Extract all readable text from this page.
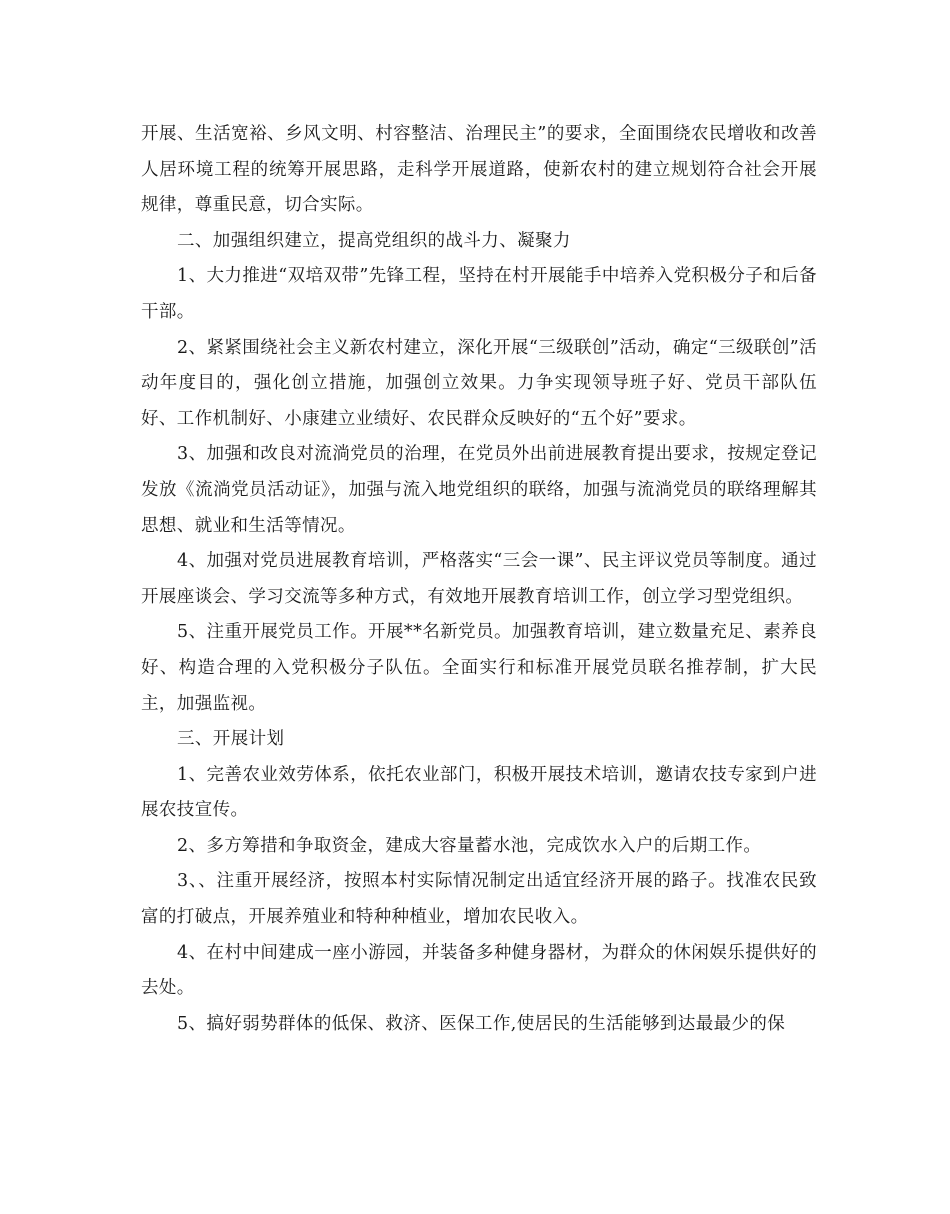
开展、生活宽裕、乡风文明、村容整洁、治理民主”的要求，全面围绕农民增收和改善人居环境工程的统筹开展思路，走科学开展道路，使新农村的建立规划符合社会开展规律，尊重民意，切合实际。

二、加强组织建立，提高党组织的战斗力、凝聚力

1、大力推进“双培双带”先锋工程，坚持在村开展能手中培养入党积极分子和后备干部。

2、紧紧围绕社会主义新农村建立，深化开展“三级联创”活动，确定“三级联创”活动年度目的，强化创立措施，加强创立效果。力争实现领导班子好、党员干部队伍好、工作机制好、小康建立业绩好、农民群众反映好的“五个好”要求。

3、加强和改良对流淌党员的治理，在党员外出前进展教育提出要求，按规定登记发放《流淌党员活动证》，加强与流入地党组织的联络，加强与流淌党员的联络理解其思想、就业和生活等情况。

4、加强对党员进展教育培训，严格落实“三会一课”、民主评议党员等制度。通过开展座谈会、学习交流等多种方式，有效地开展教育培训工作，创立学习型党组织。

5、注重开展党员工作。开展**名新党员。加强教育培训，建立数量充足、素养良好、构造合理的入党积极分子队伍。全面实行和标准开展党员联名推荐制，扩大民主，加强监视。

三、开展计划

1、完善农业效劳体系，依托农业部门，积极开展技术培训，邀请农技专家到户进展农技宣传。

2、多方筹措和争取资金，建成大容量蓄水池，完成饮水入户的后期工作。

3、、注重开展经济，按照本村实际情况制定出适宜经济开展的路子。找准农民致富的打破点，开展养殖业和特种种植业，增加农民收入。

4、在村中间建成一座小游园，并装备多种健身器材，为群众的休闲娱乐提供好的去处。

5、搞好弱势群体的低保、救济、医保工作,使居民的生活能够到达最最少的保
